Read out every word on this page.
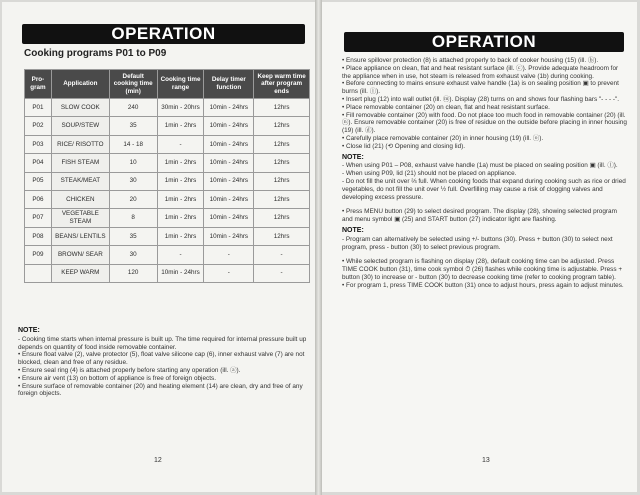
OPERATION
Cooking programs P01 to P09
Pro-gram	Application	Default cooking time (min)	Cooking time range	Delay timer function	Keep warm time after program ends
P01	SLOW COOK	240	30min - 20hrs	10min - 24hrs	12hrs
P02	SOUP/STEW	35	1min - 2hrs	10min - 24hrs	12hrs
P03	RICE/ RISOTTO	14 - 18	-	10min - 24hrs	12hrs
P04	FISH STEAM	10	1min - 2hrs	10min - 24hrs	12hrs
P05	STEAK/MEAT	30	1min - 2hrs	10min - 24hrs	12hrs
P06	CHICKEN	20	1min - 2hrs	10min - 24hrs	12hrs
P07	VEGETABLE STEAM	8	1min - 2hrs	10min - 24hrs	12hrs
P08	BEANS/ LENTILS	35	1min - 2hrs	10min - 24hrs	12hrs
P09	BROWN/ SEAR	30	-	-	-
	KEEP WARM	120	10min - 24hrs	-	-
NOTE:

- Cooking time starts when internal pressure is built up. The time required for internal pressure built up depends on quantity of food inside removable container.

• Ensure float valve (2), valve protector (5), float valve silicone cap (6), inner exhaust valve (7) are not blocked, clean and free of any residue.

• Ensure seal ring (4) is attached properly before starting any operation (ill. ⓐ).

• Ensure air vent (13) on bottom of appliance is free of foreign objects.

• Ensure surface of removable container (20) and heating element (14) are clean, dry and free of any foreign objects.

12
OPERATION

• Ensure spillover protection (8) is attached properly to back of cooker housing (15) (ill. ⓑ).

• Place appliance on clean, flat and heat resistant surface (ill. ⓒ). Provide adequate headroom for the appliance when in use, hot steam is released from exhaust valve (1b) during cooking.

• Before connecting to mains ensure exhaust valve handle (1a) is on sealing position ▣ to prevent burns (ill. ⓛ).

• Insert plug (12) into wall outlet (ill. ⓜ). Display (28) turns on and shows four flashing bars "- - - -".

• Place removable container (20) on clean, flat and heat resistant surface.

• Fill removable container (20) with food. Do not place too much food in removable container (20) (ill. ⓝ). Ensure removable container (20) is free of residue on the outside before placing in inner housing (19) (ill. ⓓ).

• Carefully place removable container (20) in inner housing (19) (ill. ⓞ).

• Close lid (21) (⟲ Opening and closing lid).

NOTE:

- When using P01 – P08, exhaust valve handle (1a) must be placed on sealing position ▣ (ill. ⓛ).

- When using P09, lid (21) should not be placed on appliance.

- Do not fill the unit over ⅔ full. When cooking foods that expand during cooking such as rice or dried vegetables, do not fill the unit over ½ full. Overfilling may cause a risk of clogging valves and developing excess pressure.

• Press MENU button (29) to select desired program. The display (28), showing selected program and menu symbol ▣ (25) and START button (27) indicator light are flashing.

NOTE:

- Program can alternatively be selected using +/- buttons (30). Press + button (30) to select next program, press - button (30) to select previous program.

• While selected program is flashing on display (28), default cooking time can be adjusted. Press TIME COOK button (31), time cook symbol ⏱ (26) flashes while cooking time is adjustable. Press + button (30) to increase or - button (30) to decrease cooking time (refer to cooking program table).

• For program 1, press TIME COOK button (31) once to adjust hours, press again to adjust minutes.

13
